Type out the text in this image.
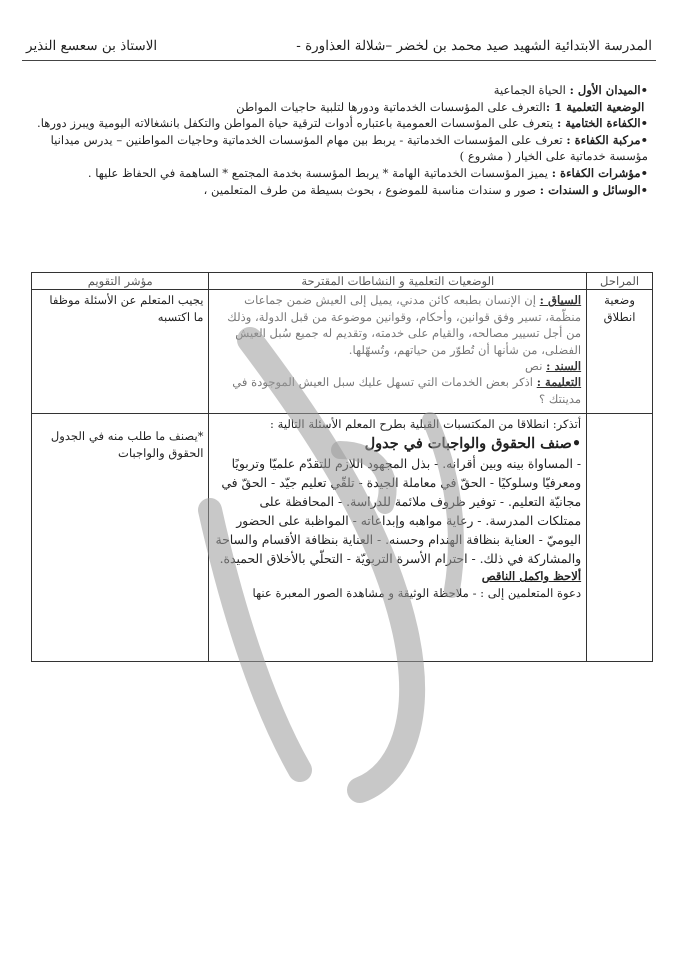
المدرسة الابتدائية الشهيد صيد محمد بن لخضر –شلالة العذاورة -
الاستاذ بن سعسع النذير

•الميدان الأول : الحياة الجماعية

الوضعية التعلمية 1 :التعرف على المؤسسات الخدماتية ودورها لتلبية حاجيات المواطن

•الكفاءة الختامية : يتعرف على المؤسسات العمومية باعتباره أدوات لترقية حياة المواطن والتكفل بانشغالاته اليومية ويبرز دورها.

•مركبة الكفاءة : تعرف على المؤسسات الخدماتية - يربط بين مهام المؤسسات الخدماتية وحاجيات المواطنين – يدرس ميدانيا مؤسسة خدماتية على الخيار ( مشروع )

•مؤشرات الكفاءة : يميز المؤسسات الخدماتية الهامة * يربط المؤسسة بخدمة المجتمع * الساهمة في الحفاظ عليها .

•الوسائل و السندات : صور و سندات مناسبة للموضوع ، بحوث بسيطة من طرف المتعلمين ،

المراحل	الوضعيات التعلمية و النشاطات المقترحة	مؤشر التقويم
وضعية انطلاق	السياق : إن الإنسان بطبعه كائن مدني، يميل إلى العيش ضمن جماعات منظّمة، تسير وفق قوانين، وأحكام، وقوانين موضوعة من قبل الدولة، وذلك من أجل تسيير مصالحه، والقيام على خدمته، وتقديم له جميع سُبل العيش الفضلى، من شأنها أن تُطوّر من حياتهم، وتُسهّلها.
السند : نص
التعليمة : اذكر بعض الخدمات التي تسهل عليك سبل العيش الموجودة في مدينتك ؟	يجيب المتعلم عن الأسئلة موظفا ما اكتسبه

	أتذكر: انطلاقا من المكتسبات القبلية بطرح المعلم الأسئلة التالية :
•صنف الحقوق والواجبات في جدول
- المساواة بينه وبين أقرانه. - بذل المجهود اللازم للتقدّم علميّا وتربويًا ومعرفيّا وسلوكيًا - الحقّ في معاملة الجيدة - تلقّي تعليم جيّد - الحقّ في مجانيّة التعليم. - توفير ظروف ملائمة للدراسة. - المحافظة على ممتلكات المدرسة. - رعاية مواهبه وإبداعاته - المواظبة على الحضور اليوميّ - العناية بنظافة الهندام وحسنه. - العناية بنظافة الأقسام والساحة والمشاركة في ذلك. - احترام الأسرة التربويّة - التحلّي بالأخلاق الحميدة.
ألاحظ واكمل الناقص
دعوة المتعلمين إلى : - ملاحظة الوثيقة و مشاهدة الصور المعبرة عنها	*يصنف ما طلب منه في الجدول الحقوق والواجبات
